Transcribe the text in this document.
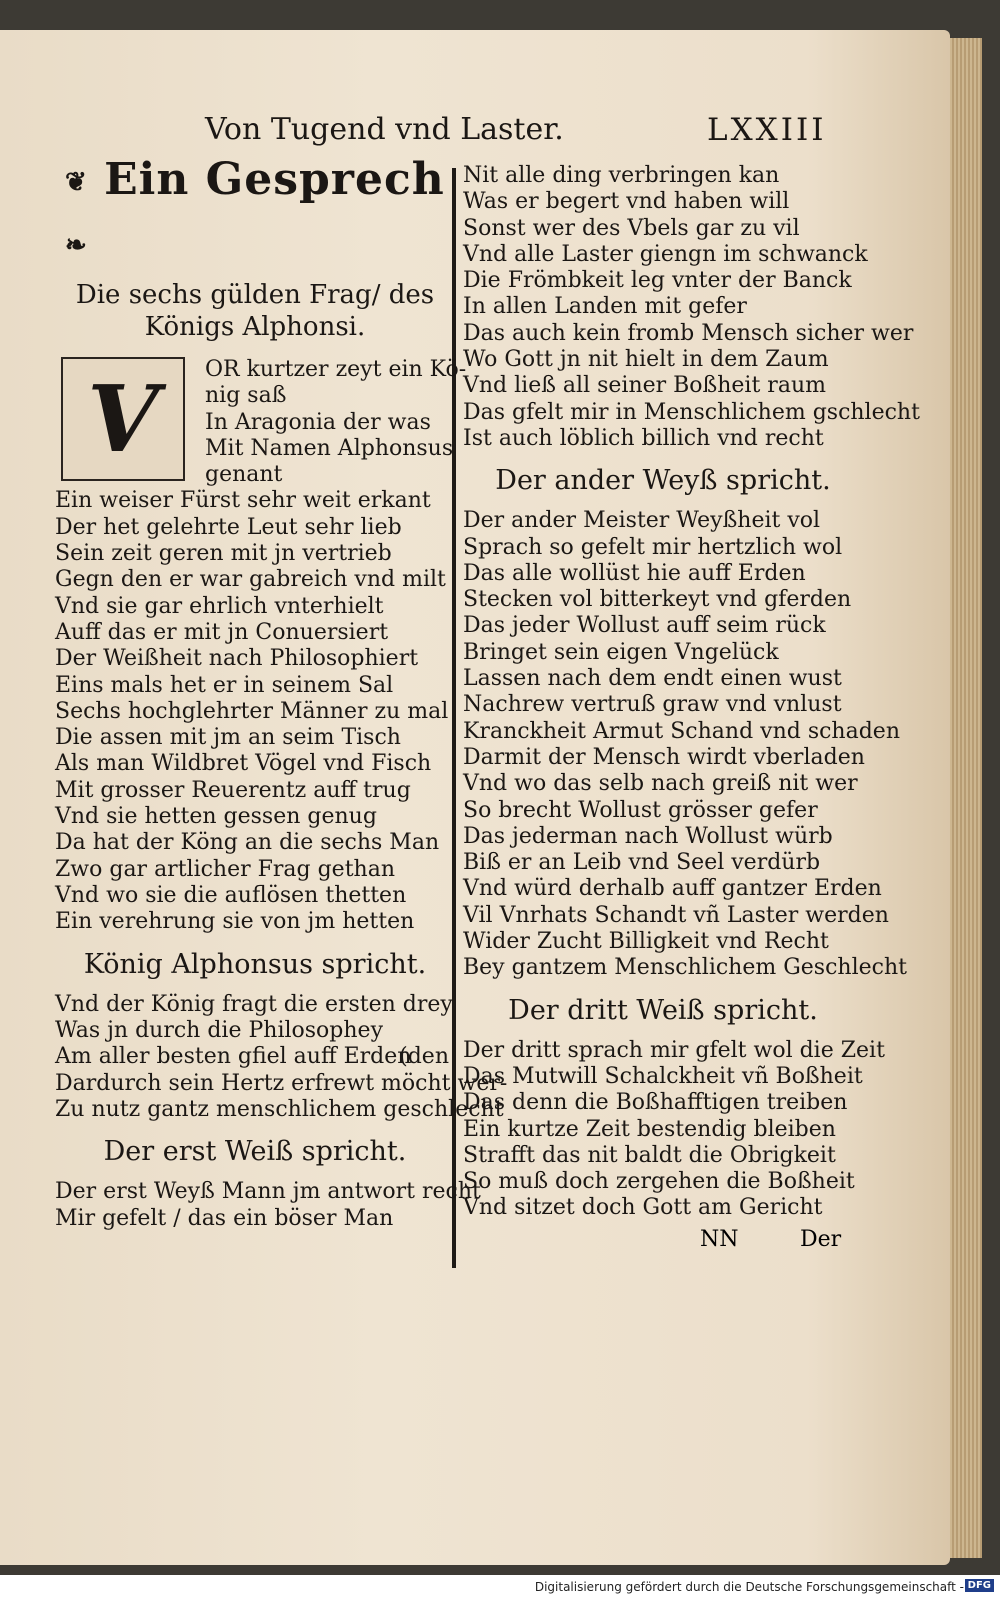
Von Tugend vnd Laster.	LXXIII
❦ Ein Gesprech ❧
Die sechs gülden Frag/ des
Königs Alphonsi.
V	OR kurtzer zeyt ein Kö-
nig saß
In Aragonia der was
Mit Namen Alphonsus
genant
Ein weiser Fürst sehr weit erkant
Der het gelehrte Leut sehr lieb
Sein zeit geren mit jn vertrieb
Gegn den er war gabreich vnd milt
Vnd sie gar ehrlich vnterhielt
Auff das er mit jn Conuersiert
Der Weißheit nach Philosophiert
Eins mals het er in seinem Sal
Sechs hochglehrter Männer zu mal
Die assen mit jm an seim Tisch
Als man Wildbret Vögel vnd Fisch
Mit grosser Reuerentz auff trug
Vnd sie hetten gessen genug
Da hat der Köng an die sechs Man
Zwo gar artlicher Frag gethan
Vnd wo sie die auflösen thetten
Ein verehrung sie von jm hetten
König Alphonsus spricht.
Vnd der König fragt die ersten drey
Was jn durch die Philosophey
Am aller besten gfiel auff Erden
(den
Dardurch sein Hertz erfrewt möcht wer-
Zu nutz gantz menschlichem geschlecht
Der erst Weiß spricht.
Der erst Weyß Mann jm antwort recht
Mir gefelt / das ein böser Man
Nit alle ding verbringen kan
Was er begert vnd haben will
Sonst wer des Vbels gar zu vil
Vnd alle Laster giengn im schwanck
Die Frömbkeit leg vnter der Banck
In allen Landen mit gefer
Das auch kein fromb Mensch sicher wer
Wo Gott jn nit hielt in dem Zaum
Vnd ließ all seiner Boßheit raum
Das gfelt mir in Menschlichem gschlecht
Ist auch löblich billich vnd recht
Der ander Weyß spricht.
Der ander Meister Weyßheit vol
Sprach so gefelt mir hertzlich wol
Das alle wollüst hie auff Erden
Stecken vol bitterkeyt vnd gferden
Das jeder Wollust auff seim rück
Bringet sein eigen Vngelück
Lassen nach dem endt einen wust
Nachrew vertruß graw vnd vnlust
Kranckheit Armut Schand vnd schaden
Darmit der Mensch wirdt vberladen
Vnd wo das selb nach greiß nit wer
So brecht Wollust grösser gefer
Das jederman nach Wollust würb
Biß er an Leib vnd Seel verdürb
Vnd würd derhalb auff gantzer Erden
Vil Vnrhats Schandt vñ Laster werden
Wider Zucht Billigkeit vnd Recht
Bey gantzem Menschlichem Geschlecht
Der dritt Weiß spricht.
Der dritt sprach mir gfelt wol die Zeit
Das Mutwill Schalckheit vñ Boßheit
Das denn die Boßhafftigen treiben
Ein kurtze Zeit bestendig bleiben
Strafft das nit baldt die Obrigkeit
So muß doch zergehen die Boßheit
Vnd sitzet doch Gott am Gericht
NN	Der
Digitalisierung gefördert durch die Deutsche Forschungsgemeinschaft - DFG
